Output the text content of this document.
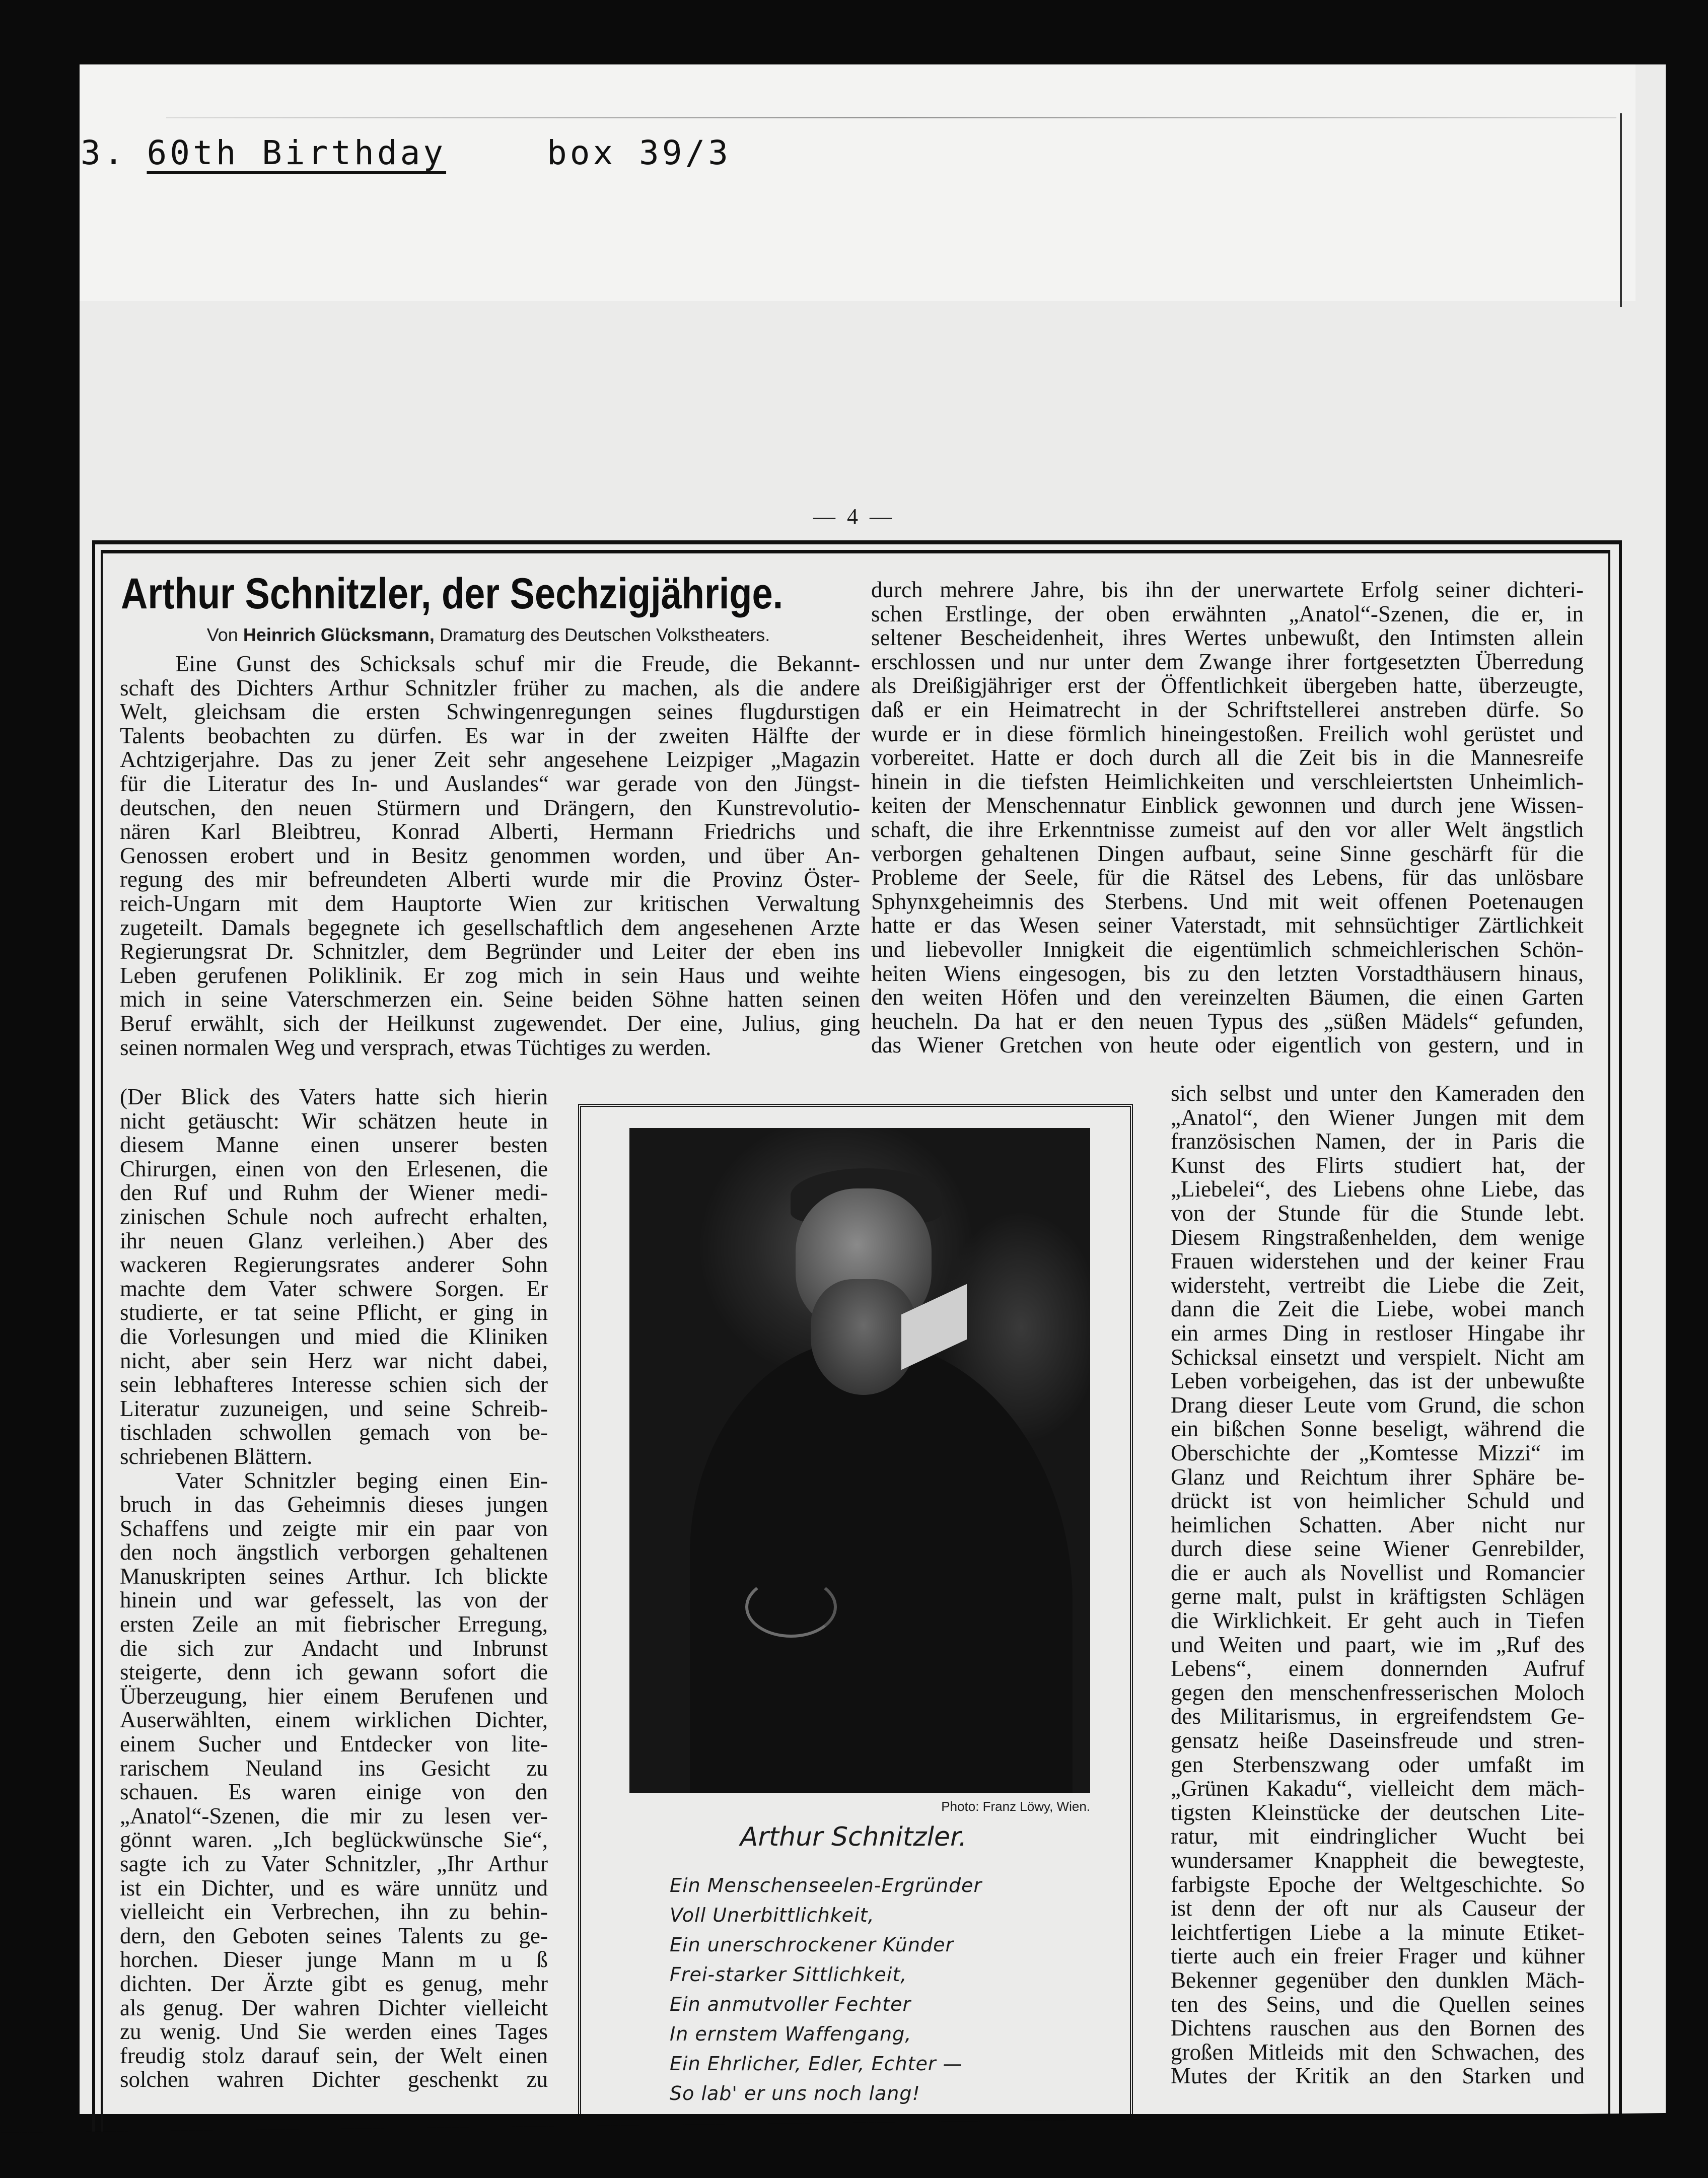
3. 60th Birthday	box 39/3
— 4 —
Arthur Schnitzler, der Sechzigjährige.
Von Heinrich Glücksmann, Dramaturg des Deutschen Volkstheaters.
Eine Gunst des Schicksals schuf mir die Freude, die Bekannt-
schaft des Dichters Arthur Schnitzler früher zu machen, als die andere
Welt, gleichsam die ersten Schwingenregungen seines flugdurstigen
Talents beobachten zu dürfen. Es war in der zweiten Hälfte der
Achtzigerjahre. Das zu jener Zeit sehr angesehene Leizpiger „Magazin
für die Literatur des In- und Auslandes“ war gerade von den Jüngst-
deutschen, den neuen Stürmern und Drängern, den Kunstrevolutio-
nären Karl Bleibtreu, Konrad Alberti, Hermann Friedrichs und
Genossen erobert und in Besitz genommen worden, und über An-
regung des mir befreundeten Alberti wurde mir die Provinz Öster-
reich-Ungarn mit dem Hauptorte Wien zur kritischen Verwaltung
zugeteilt. Damals begegnete ich gesellschaftlich dem angesehenen Arzte
Regierungsrat Dr. Schnitzler, dem Begründer und Leiter der eben ins
Leben gerufenen Poliklinik. Er zog mich in sein Haus und weihte
mich in seine Vaterschmerzen ein. Seine beiden Söhne hatten seinen
Beruf erwählt, sich der Heilkunst zugewendet. Der eine, Julius, ging
seinen normalen Weg und versprach, etwas Tüchtiges zu werden.
(Der Blick des Vaters hatte sich hierin
nicht getäuscht: Wir schätzen heute in
diesem Manne einen unserer besten
Chirurgen, einen von den Erlesenen, die
den Ruf und Ruhm der Wiener medi-
zinischen Schule noch aufrecht erhalten,
ihr neuen Glanz verleihen.) Aber des
wackeren Regierungsrates anderer Sohn
machte dem Vater schwere Sorgen. Er
studierte, er tat seine Pflicht, er ging in
die Vorlesungen und mied die Kliniken
nicht, aber sein Herz war nicht dabei,
sein lebhafteres Interesse schien sich der
Literatur zuzuneigen, und seine Schreib-
tischladen schwollen gemach von be-
schriebenen Blättern.
Vater Schnitzler beging einen Ein-
bruch in das Geheimnis dieses jungen
Schaffens und zeigte mir ein paar von
den noch ängstlich verborgen gehaltenen
Manuskripten seines Arthur. Ich blickte
hinein und war gefesselt, las von der
ersten Zeile an mit fiebrischer Erregung,
die sich zur Andacht und Inbrunst
steigerte, denn ich gewann sofort die
Überzeugung, hier einem Berufenen und
Auserwählten, einem wirklichen Dichter,
einem Sucher und Entdecker von lite-
rarischem Neuland ins Gesicht zu
schauen. Es waren einige von den
„Anatol“-Szenen, die mir zu lesen ver-
gönnt waren. „Ich beglückwünsche Sie“,
sagte ich zu Vater Schnitzler, „Ihr Arthur
ist ein Dichter, und es wäre unnütz und
vielleicht ein Verbrechen, ihn zu behin-
dern, den Geboten seines Talents zu ge-
horchen. Dieser junge Mann m u ß
dichten. Der Ärzte gibt es genug, mehr
als genug. Der wahren Dichter vielleicht
zu wenig. Und Sie werden eines Tages
freudig stolz darauf sein, der Welt einen
solchen wahren Dichter geschenkt zu
durch mehrere Jahre, bis ihn der unerwartete Erfolg seiner dichteri-
schen Erstlinge, der oben erwähnten „Anatol“-Szenen, die er, in
seltener Bescheidenheit, ihres Wertes unbewußt, den Intimsten allein
erschlossen und nur unter dem Zwange ihrer fortgesetzten Überredung
als Dreißigjähriger erst der Öffentlichkeit übergeben hatte, überzeugte,
daß er ein Heimatrecht in der Schriftstellerei anstreben dürfe. So
wurde er in diese förmlich hineingestoßen. Freilich wohl gerüstet und
vorbereitet. Hatte er doch durch all die Zeit bis in die Mannesreife
hinein in die tiefsten Heimlichkeiten und verschleiertsten Unheimlich-
keiten der Menschennatur Einblick gewonnen und durch jene Wissen-
schaft, die ihre Erkenntnisse zumeist auf den vor aller Welt ängstlich
verborgen gehaltenen Dingen aufbaut, seine Sinne geschärft für die
Probleme der Seele, für die Rätsel des Lebens, für das unlösbare
Sphynxgeheimnis des Sterbens. Und mit weit offenen Poetenaugen
hatte er das Wesen seiner Vaterstadt, mit sehnsüchtiger Zärtlichkeit
und liebevoller Innigkeit die eigentümlich schmeichlerischen Schön-
heiten Wiens eingesogen, bis zu den letzten Vorstadthäusern hinaus,
den weiten Höfen und den vereinzelten Bäumen, die einen Garten
heucheln. Da hat er den neuen Typus des „süßen Mädels“ gefunden,
das Wiener Gretchen von heute oder eigentlich von gestern, und in
sich selbst und unter den Kameraden den
„Anatol“, den Wiener Jungen mit dem
französischen Namen, der in Paris die
Kunst des Flirts studiert hat, der
„Liebelei“, des Liebens ohne Liebe, das
von der Stunde für die Stunde lebt.
Diesem Ringstraßenhelden, dem wenige
Frauen widerstehen und der keiner Frau
widersteht, vertreibt die Liebe die Zeit,
dann die Zeit die Liebe, wobei manch
ein armes Ding in restloser Hingabe ihr
Schicksal einsetzt und verspielt. Nicht am
Leben vorbeigehen, das ist der unbewußte
Drang dieser Leute vom Grund, die schon
ein bißchen Sonne beseligt, während die
Oberschichte der „Komtesse Mizzi“ im
Glanz und Reichtum ihrer Sphäre be-
drückt ist von heimlicher Schuld und
heimlichen Schatten. Aber nicht nur
durch diese seine Wiener Genrebilder,
die er auch als Novellist und Romancier
gerne malt, pulst in kräftigsten Schlägen
die Wirklichkeit. Er geht auch in Tiefen
und Weiten und paart, wie im „Ruf des
Lebens“, einem donnernden Aufruf
gegen den menschenfresserischen Moloch
des Militarismus, in ergreifendstem Ge-
gensatz heiße Daseinsfreude und stren-
gen Sterbenszwang oder umfaßt im
„Grünen Kakadu“, vielleicht dem mäch-
tigsten Kleinstücke der deutschen Lite-
ratur, mit eindringlicher Wucht bei
wundersamer Knappheit die bewegteste,
farbigste Epoche der Weltgeschichte. So
ist denn der oft nur als Causeur der
leichtfertigen Liebe a la minute Etiket-
tierte auch ein freier Frager und kühner
Bekenner gegenüber den dunklen Mäch-
ten des Seins, und die Quellen seines
Dichtens rauschen aus den Bornen des
großen Mitleids mit den Schwachen, des
Mutes der Kritik an den Starken und
Photo: Franz Löwy, Wien.
Arthur Schnitzler.
Ein Menschenseelen-Ergründer
Voll Unerbittlichkeit,
Ein unerschrockener Künder
Frei-starker Sittlichkeit,
Ein anmutvoller Fechter
In ernstem Waffengang,
Ein Ehrlicher, Edler, Echter —
So lab' er uns noch lang!
